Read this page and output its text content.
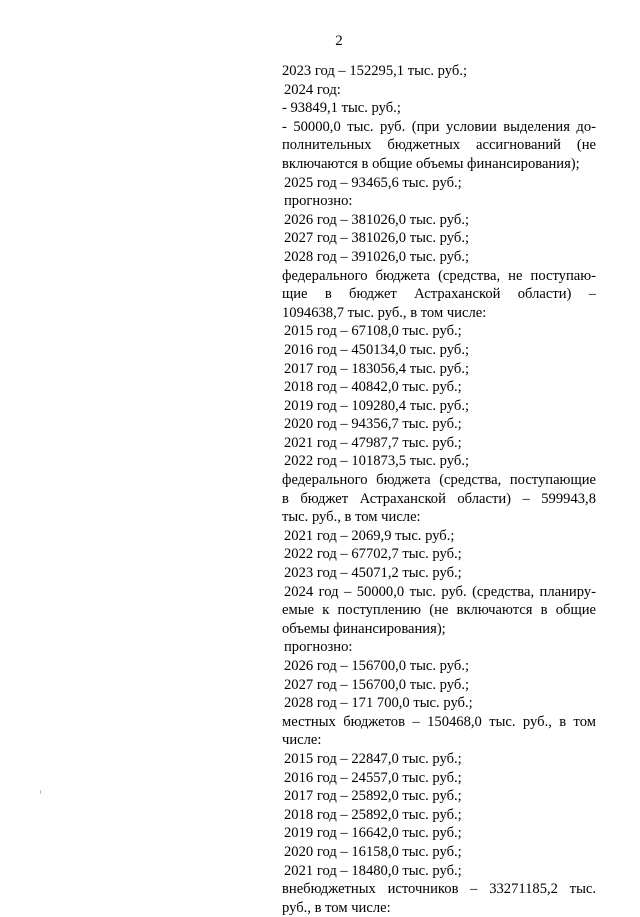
2
2023 год – 152295,1 тыс. руб.;
2024 год:
- 93849,1 тыс. руб.;
- 50000,0 тыс. руб. (при условии выделения до-
полнительных бюджетных ассигнований (не
включаются в общие объемы финансирования);
2025 год – 93465,6 тыс. руб.;
прогнозно:
2026 год – 381026,0 тыс. руб.;
2027 год – 381026,0 тыс. руб.;
2028 год – 391026,0 тыс. руб.;
федерального бюджета (средства, не поступаю-
щие в бюджет Астраханской области) –
1094638,7 тыс. руб., в том числе:
2015 год – 67108,0 тыс. руб.;
2016 год – 450134,0 тыс. руб.;
2017 год – 183056,4 тыс. руб.;
2018 год – 40842,0 тыс. руб.;
2019 год – 109280,4 тыс. руб.;
2020 год – 94356,7 тыс. руб.;
2021 год – 47987,7 тыс. руб.;
2022 год – 101873,5 тыс. руб.;
федерального бюджета (средства, поступающие
в бюджет Астраханской области) – 599943,8
тыс. руб., в том числе:
2021 год – 2069,9 тыс. руб.;
2022 год – 67702,7 тыс. руб.;
2023 год – 45071,2 тыс. руб.;
2024 год – 50000,0 тыс. руб. (средства, планиру-
емые к поступлению (не включаются в общие
объемы финансирования);
прогнозно:
2026 год – 156700,0 тыс. руб.;
2027 год – 156700,0 тыс. руб.;
2028 год – 171 700,0 тыс. руб.;
местных бюджетов – 150468,0 тыс. руб., в том
числе:
2015 год – 22847,0 тыс. руб.;
2016 год – 24557,0 тыс. руб.;
2017 год – 25892,0 тыс. руб.;
2018 год – 25892,0 тыс. руб.;
2019 год – 16642,0 тыс. руб.;
2020 год – 16158,0 тыс. руб.;
2021 год – 18480,0 тыс. руб.;
внебюджетных источников – 33271185,2 тыс.
руб., в том числе:
